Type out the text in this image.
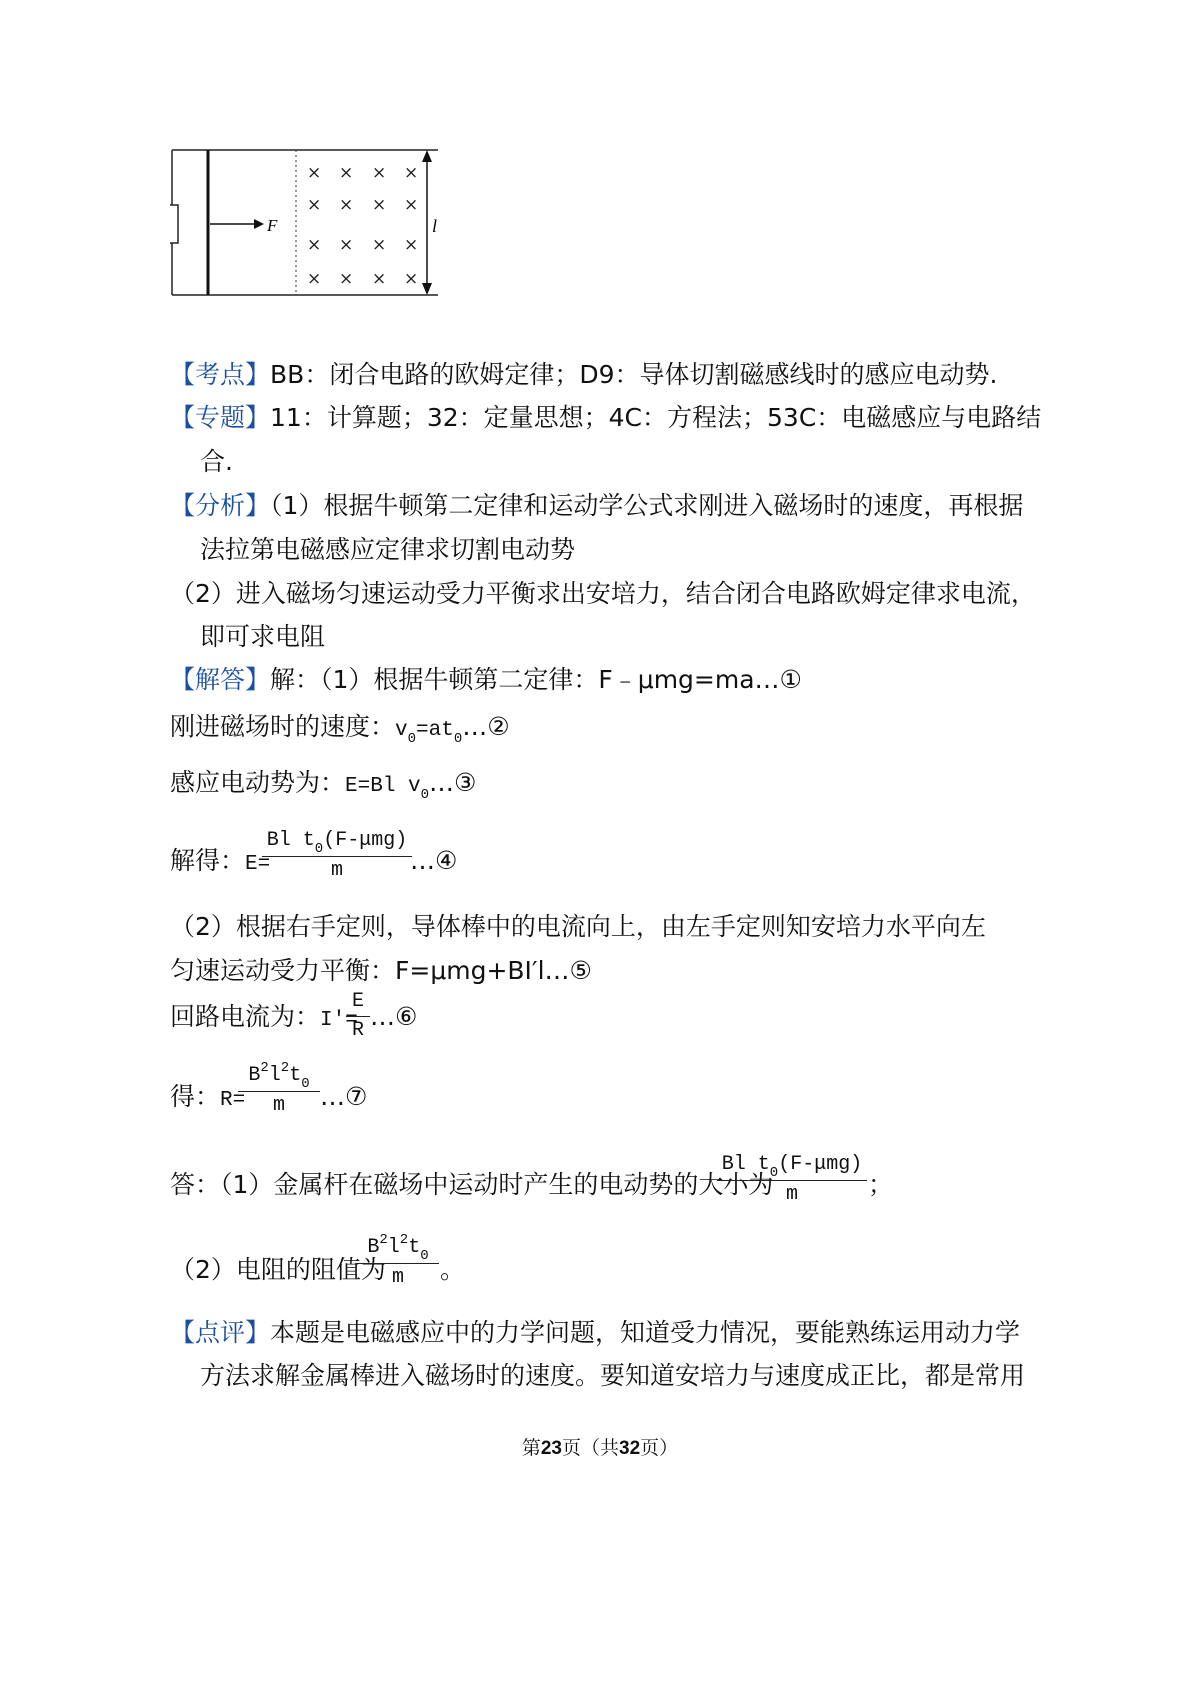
F	l
× × × ×
× × × ×
× × × ×
× × × ×
【考点】BB：闭合电路的欧姆定律；D9：导体切割磁感线时的感应电动势.
【专题】11：计算题；32：定量思想；4C：方程法；53C：电磁感应与电路结
合.
【分析】（1）根据牛顿第二定律和运动学公式求刚进入磁场时的速度，再根据
法拉第电磁感应定律求切割电动势
（2）进入磁场匀速运动受力平衡求出安培力，结合闭合电路欧姆定律求电流，
即可求电阻
【解答】解：（1）根据牛顿第二定律：F﹣μmg=ma…①
刚进磁场时的速度：$v_0=at_0\dots ②$
感应电动势为：E=Bl $v_0\dots ③$
解得：E=
Bl $t_0(F-\mu mg)$
m	…④
（2）根据右手定则，导体棒中的电流向上，由左手定则知安培力水平向左
匀速运动受力平衡：F=μmg+BI′l…⑤
回路电流为：I′=
E
R …⑥
得：R=
$B^2l^2t_0$
m	…⑦
答：（1）金属杆在磁场中运动时产生的电动势的大小为
Bl $t_0(F-\mu mg)$
m	；
（2）电阻的阻值为
$B^2l^2t_0$
m	。
【点评】本题是电磁感应中的力学问题，知道受力情况，要能熟练运用动力学
方法求解金属棒进入磁场时的速度。要知道安培力与速度成正比，都是常用
第23页（共32页）
